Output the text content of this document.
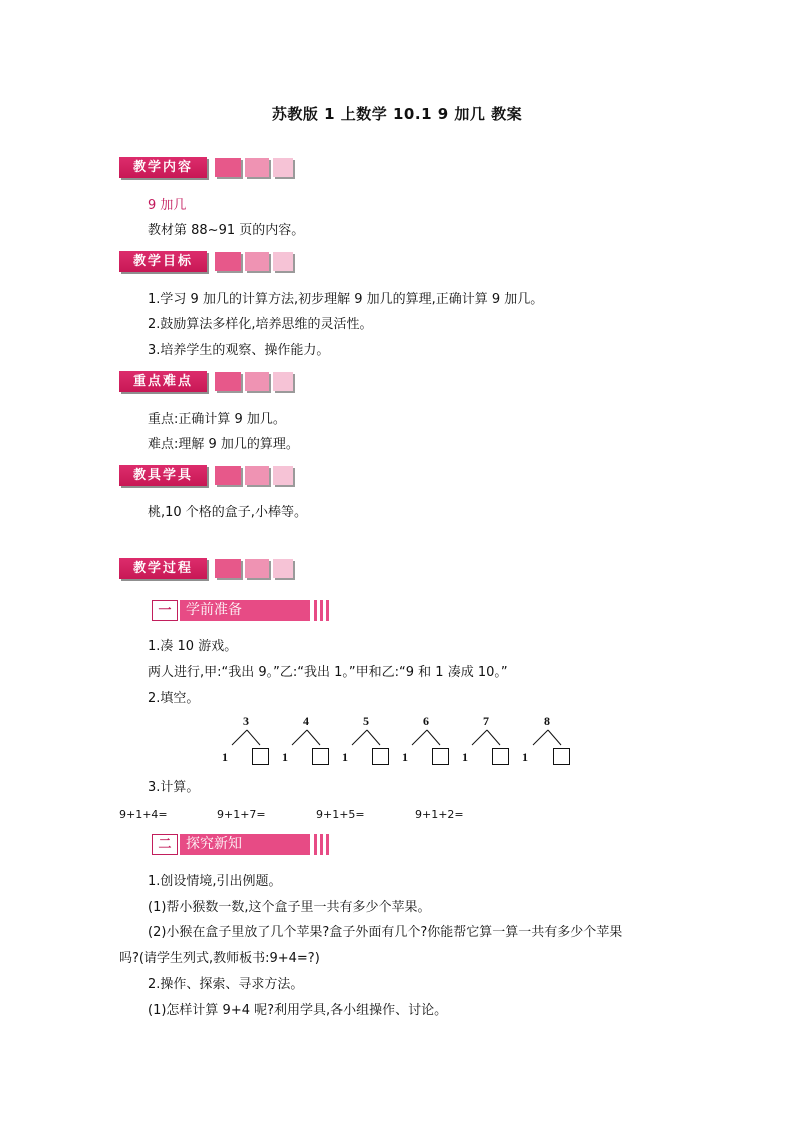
苏教版 1 上数学 10.1 9 加几 教案
教学内容
9 加几
教材第 88~91 页的内容。
教学目标
1.学习 9 加几的计算方法,初步理解 9 加几的算理,正确计算 9 加几。
2.鼓励算法多样化,培养思维的灵活性。
3.培养学生的观察、操作能力。
重点难点
重点:正确计算 9 加几。
难点:理解 9 加几的算理。
教具学具
桃,10 个格的盒子,小棒等。
教学过程
一	学前准备
1.凑 10 游戏。
两人进行,甲:“我出 9。”乙:“我出 1。”甲和乙:“9 和 1 凑成 10。”
2.填空。
3
1
4
1
5
1
6
1
7
1
8
1
3.计算。
9+1+4=	9+1+7=	9+1+5=	9+1+2=
二	探究新知
1.创设情境,引出例题。
(1)帮小猴数一数,这个盒子里一共有多少个苹果。
(2)小猴在盒子里放了几个苹果?盒子外面有几个?你能帮它算一算一共有多少个苹果
吗?(请学生列式,教师板书:9+4=?)
2.操作、探索、寻求方法。
(1)怎样计算 9+4 呢?利用学具,各小组操作、讨论。
